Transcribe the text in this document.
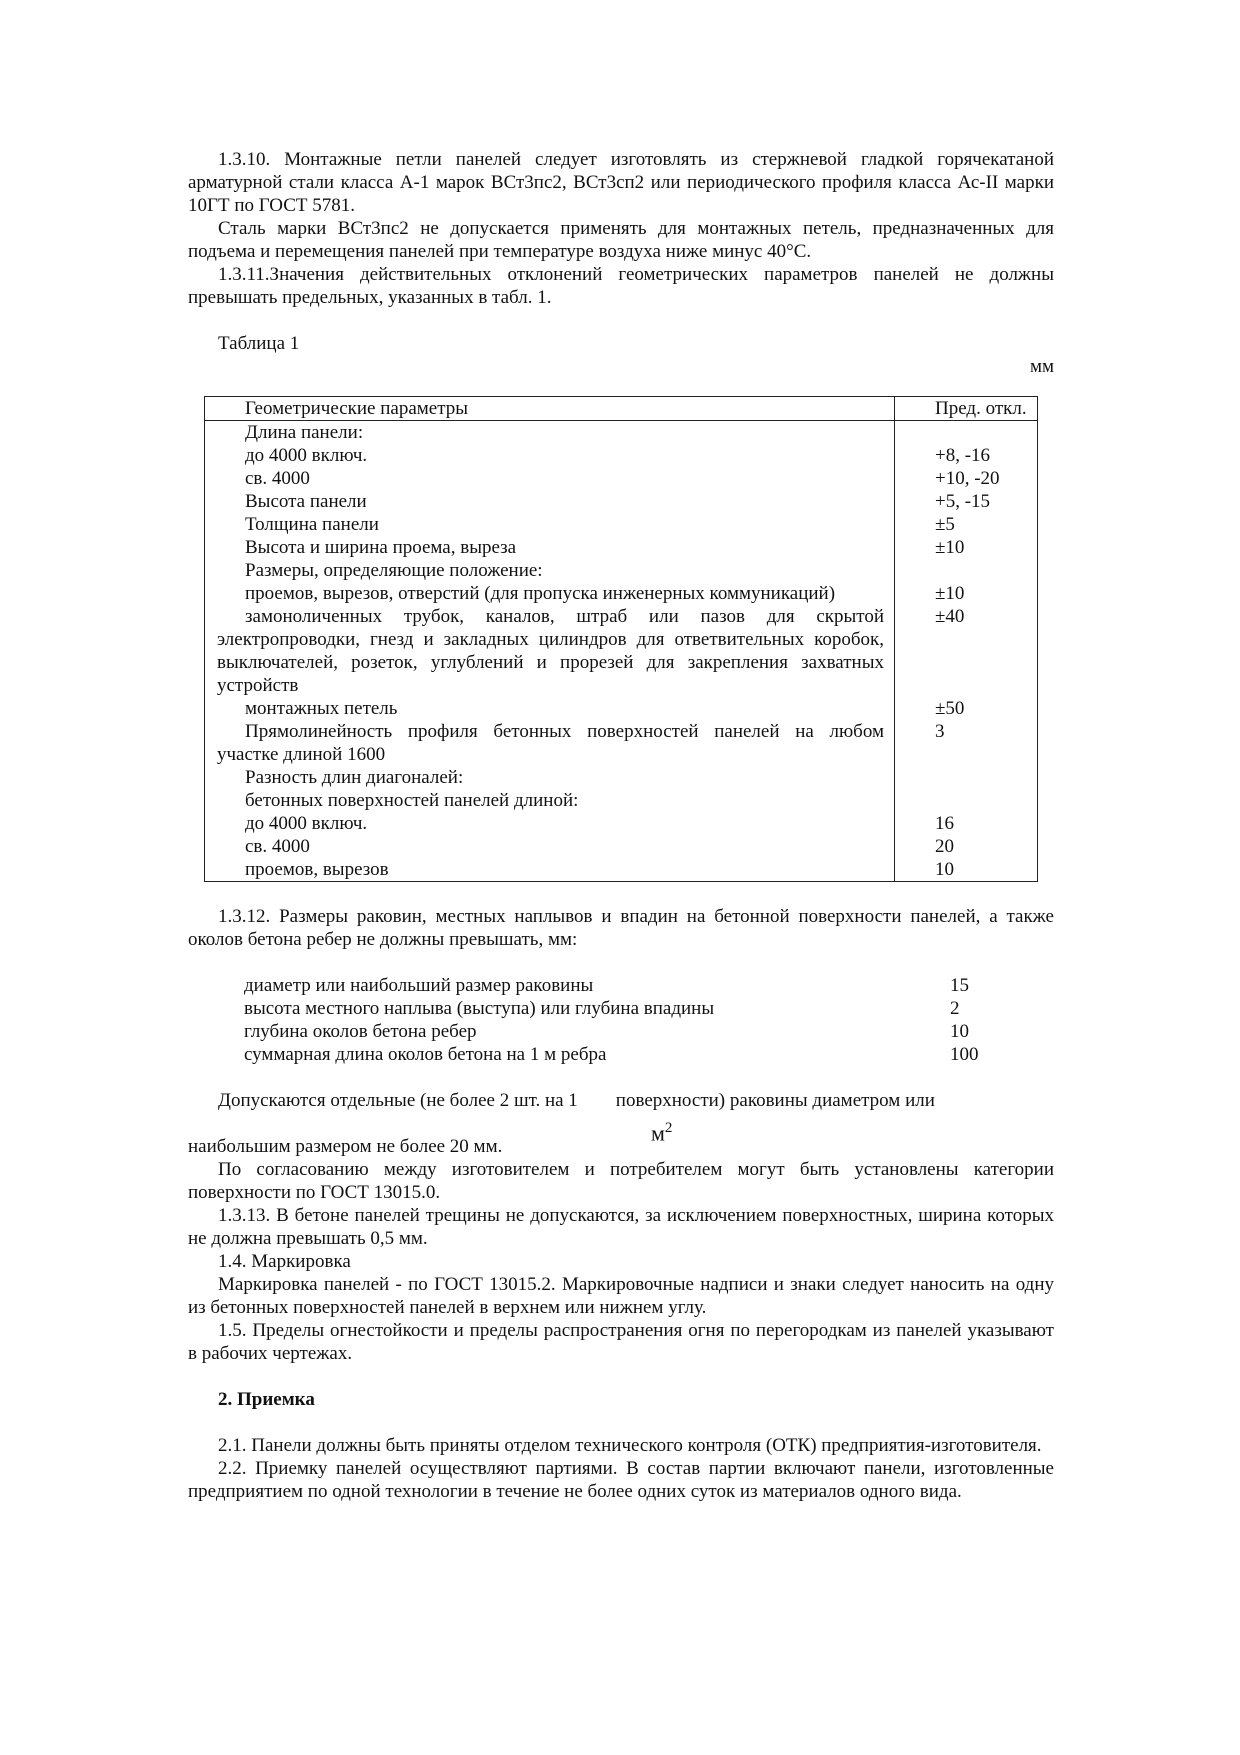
1.3.10. Монтажные петли панелей следует изготовлять из стержневой гладкой горячекатаной арматурной стали класса А-1 марок ВСт3пс2, ВСт3сп2 или периодического профиля класса Ас-II марки 10ГТ по ГОСТ 5781.

Сталь марки ВСт3пс2 не допускается применять для монтажных петель, предназначенных для подъема и перемещения панелей при температуре воздуха ниже минус 40°С.

1.3.11.Значения действительных отклонений геометрических параметров панелей не должны превышать предельных, указанных в табл. 1.

Таблица 1

мм

Геометрические параметры	Пред. откл.

Длина панели:	

до 4000 включ.	+8, -16

св. 4000	+10, -20

Высота панели	+5, -15

Толщина панели	±5

Высота и ширина проема, выреза	±10

Размеры, определяющие положение:	

проемов, вырезов, отверстий (для пропуска инженерных коммуникаций)	±10

замоноличенных трубок, каналов, штраб или пазов для скрытой электропроводки, гнезд и закладных цилиндров для ответвительных коробок, выключателей, розеток, углублений и прорезей для закрепления захватных устройств	±40

монтажных петель	±50

Прямолинейность профиля бетонных поверхностей панелей на любом участке длиной 1600	3

Разность длин диагоналей:	

бетонных поверхностей панелей длиной:	

до 4000 включ.	16

св. 4000	20

проемов, вырезов	10

1.3.12. Размеры раковин, местных наплывов и впадин на бетонной поверхности панелей, а также околов бетона ребер не должны превышать, мм:

диаметр или наибольший размер раковины	15
высота местного наплыва (выступа) или глубина впадины	2
глубина околов бетона ребер	10
суммарная длина околов бетона на 1 м ребра	100

Допускаются отдельные (не более 2 шт. на 1        поверхности) раковины диаметром или

$м^2$

наибольшим размером не более 20 мм.

По согласованию между изготовителем и потребителем могут быть установлены категории поверхности по ГОСТ 13015.0.

1.3.13. В бетоне панелей трещины не допускаются, за исключением поверхностных, ширина которых не должна превышать 0,5 мм.

1.4. Маркировка

Маркировка панелей - по ГОСТ 13015.2. Маркировочные надписи и знаки следует наносить на одну из бетонных поверхностей панелей в верхнем или нижнем углу.

1.5. Пределы огнестойкости и пределы распространения огня по перегородкам из панелей указывают в рабочих чертежах.

2. Приемка

2.1. Панели должны быть приняты отделом технического контроля (ОТК) предприятия-изготовителя.

2.2. Приемку панелей осуществляют партиями. В состав партии включают панели, изготовленные предприятием по одной технологии в течение не более одних суток из материалов одного вида.
